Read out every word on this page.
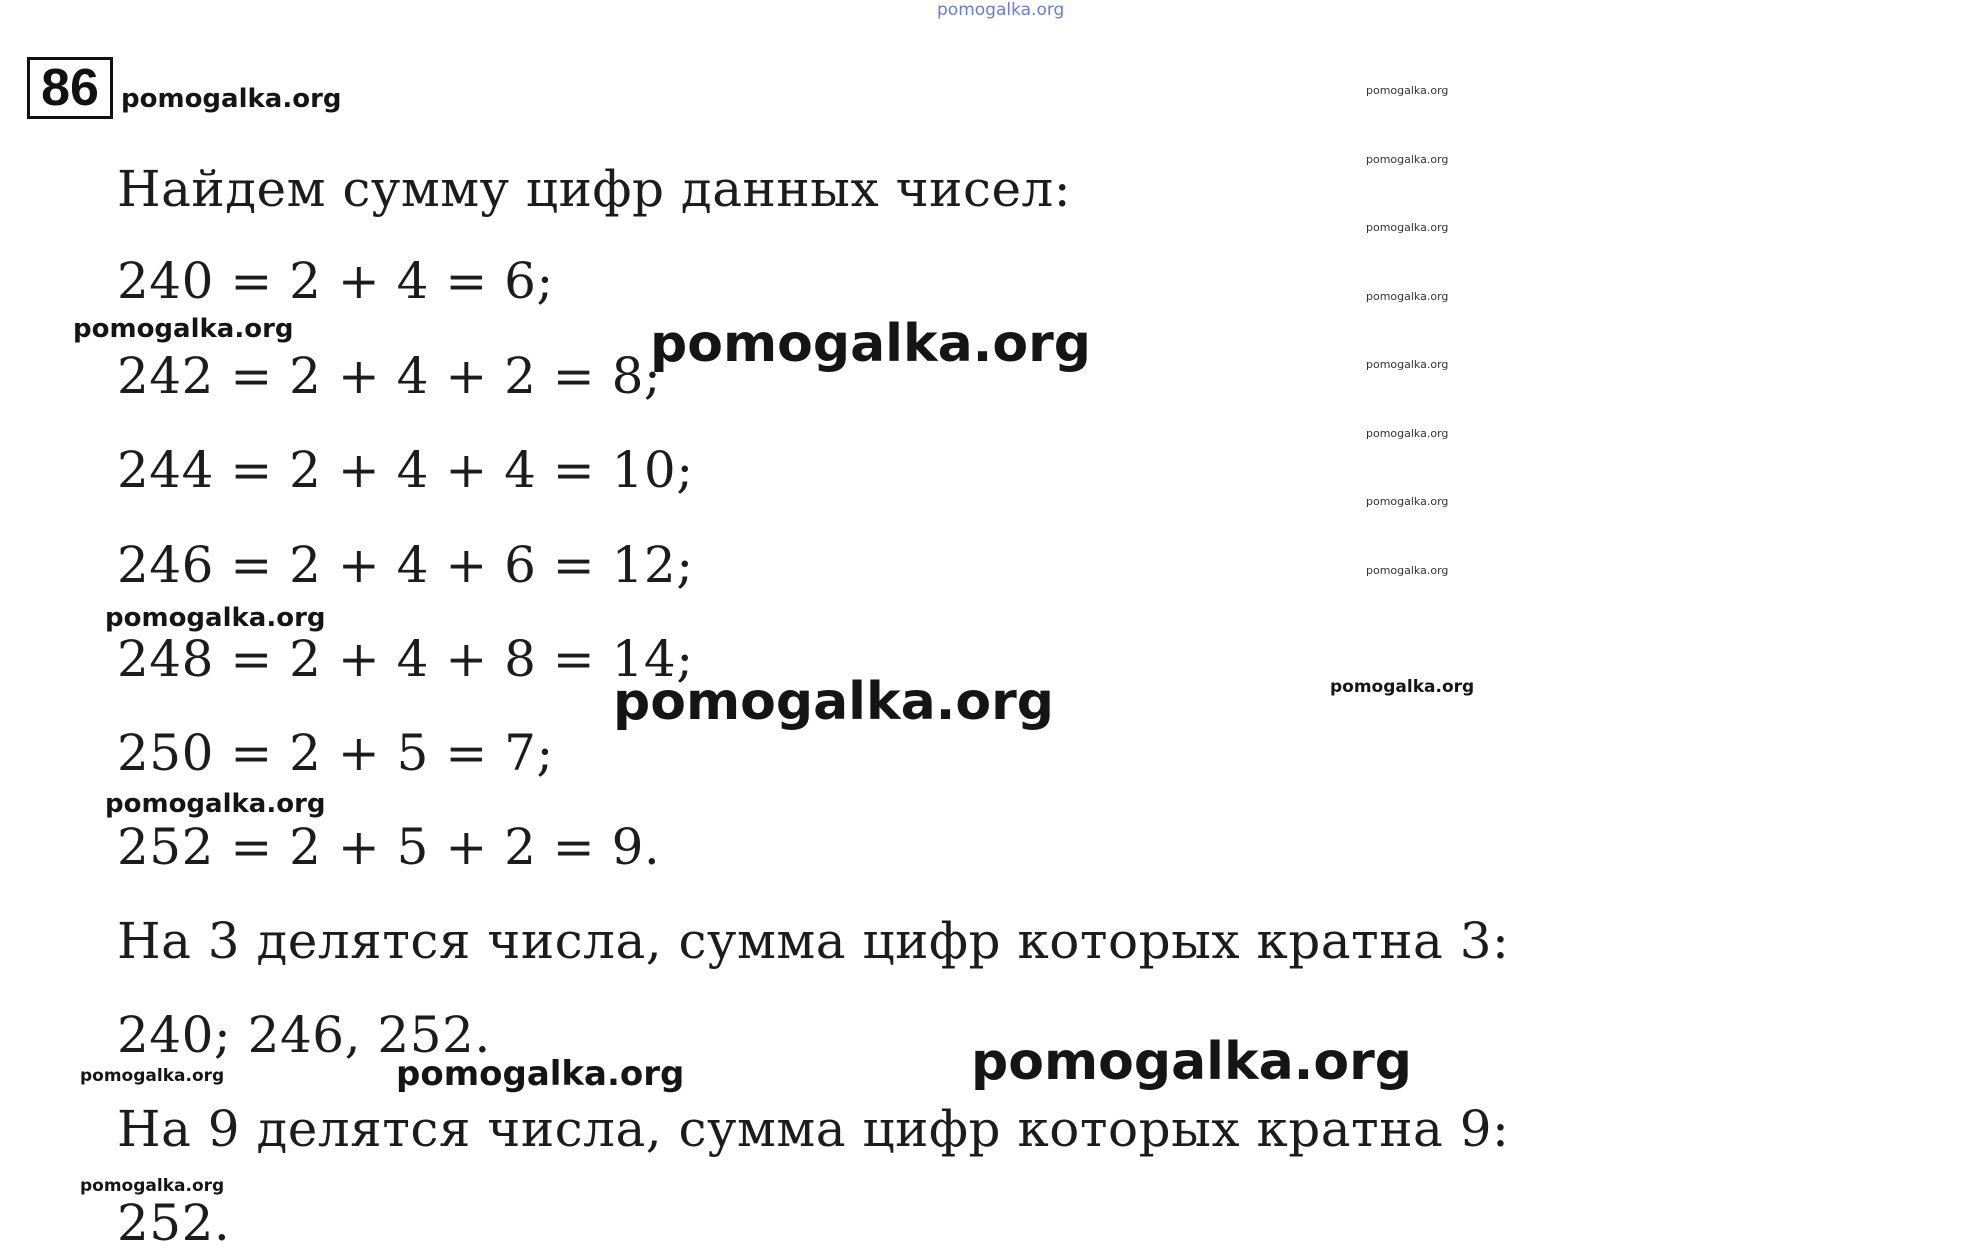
pomogalka.org
86 pomogalka.org
Найдем сумму цифр данных чисел:
240 = 2 + 4 = 6;
242 = 2 + 4 + 2 = 8;
244 = 2 + 4 + 4 = 10;
246 = 2 + 4 + 6 = 12;
248 = 2 + 4 + 8 = 14;
250 = 2 + 5 = 7;
252 = 2 + 5 + 2 = 9.
На 3 делятся числа, сумма цифр которых кратна 3:
240; 246, 252.
На 9 делятся числа, сумма цифр которых кратна 9:
252.
pomogalka.org	pomogalka.org
pomogalka.org
pomogalka.org
pomogalka.org
pomogalka.org	pomogalka.org	pomogalka.org
pomogalka.org
pomogalka.org
pomogalka.org
pomogalka.org
pomogalka.org
pomogalka.org
pomogalka.org
pomogalka.org
pomogalka.org
pomogalka.org
